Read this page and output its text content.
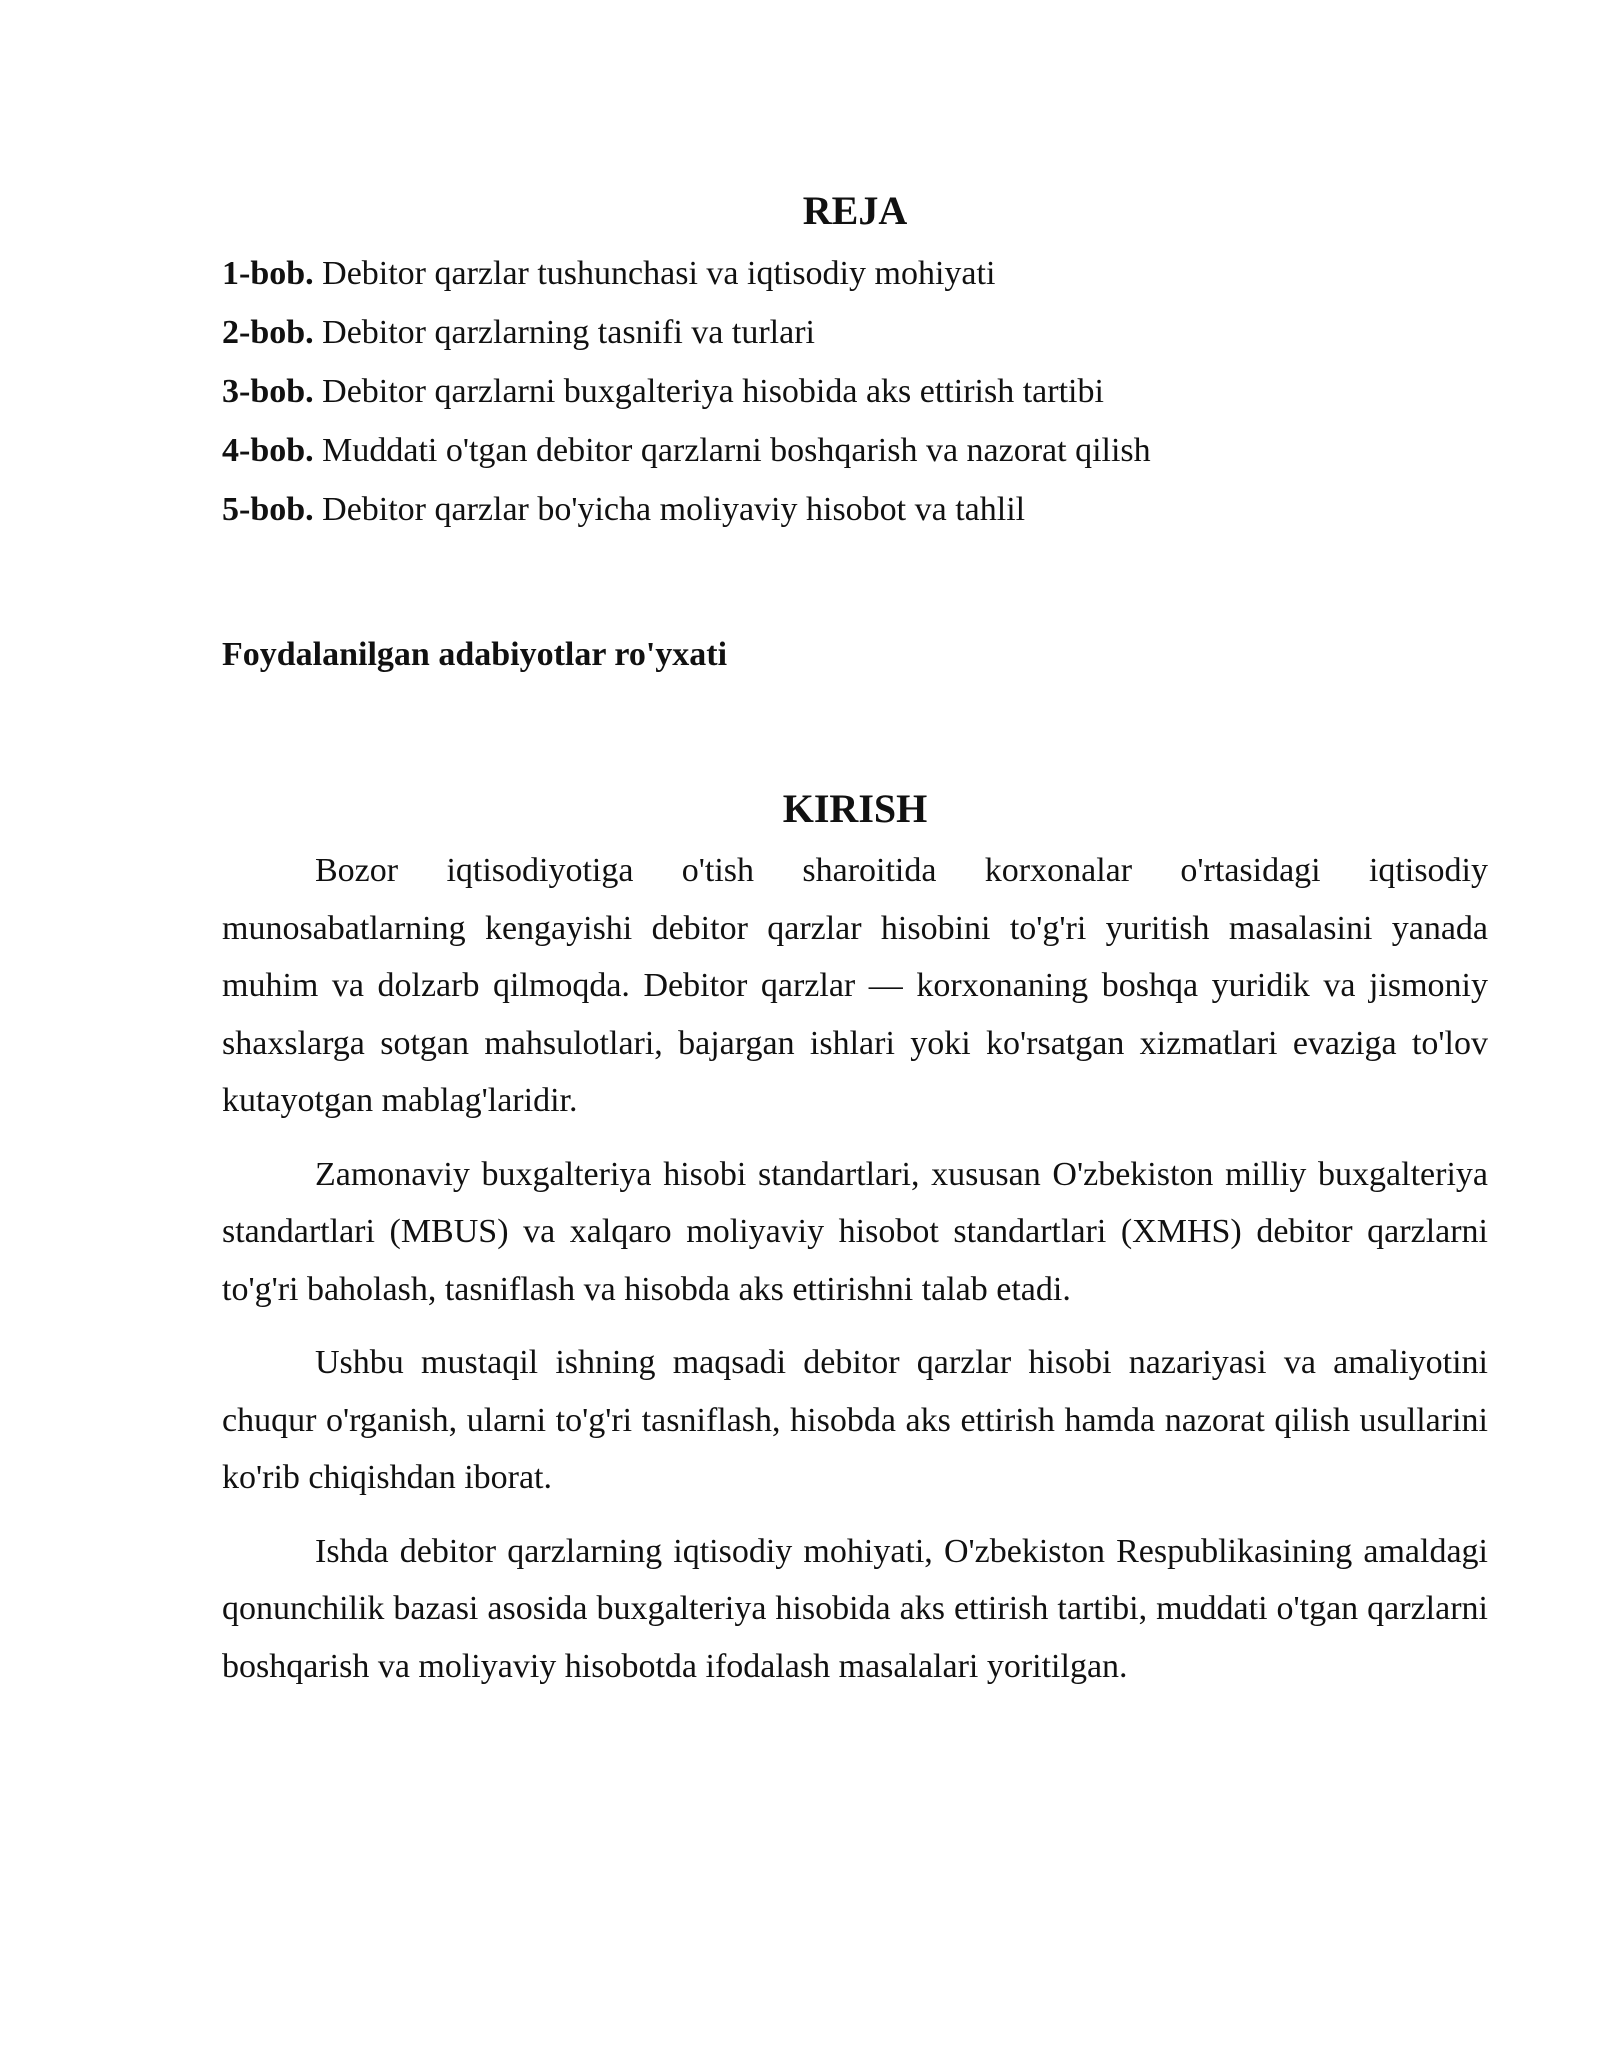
REJA
1-bob. Debitor qarzlar tushunchasi va iqtisodiy mohiyati
2-bob. Debitor qarzlarning tasnifi va turlari
3-bob. Debitor qarzlarni buxgalteriya hisobida aks ettirish tartibi
4-bob. Muddati o'tgan debitor qarzlarni boshqarish va nazorat qilish
5-bob. Debitor qarzlar bo'yicha moliyaviy hisobot va tahlil

Foydalanilgan adabiyotlar ro'yxati

KIRISH

Bozor iqtisodiyotiga o'tish sharoitida korxonalar o'rtasidagi iqtisodiy munosabatlarning kengayishi debitor qarzlar hisobini to'g'ri yuritish masalasini yanada muhim va dolzarb qilmoqda. Debitor qarzlar — korxonaning boshqa yuridik va jismoniy shaxslarga sotgan mahsulotlari, bajargan ishlari yoki ko'rsatgan xizmatlari evaziga to'lov kutayotgan mablag'laridir.

Zamonaviy buxgalteriya hisobi standartlari, xususan O'zbekiston milliy buxgalteriya standartlari (MBUS) va xalqaro moliyaviy hisobot standartlari (XMHS) debitor qarzlarni to'g'ri baholash, tasniflash va hisobda aks ettirishni talab etadi.

Ushbu mustaqil ishning maqsadi debitor qarzlar hisobi nazariyasi va amaliyotini chuqur o'rganish, ularni to'g'ri tasniflash, hisobda aks ettirish hamda nazorat qilish usullarini ko'rib chiqishdan iborat.

Ishda debitor qarzlarning iqtisodiy mohiyati, O'zbekiston Respublikasining amaldagi qonunchilik bazasi asosida buxgalteriya hisobida aks ettirish tartibi, muddati o'tgan qarzlarni boshqarish va moliyaviy hisobotda ifodalash masalalari yoritilgan.
